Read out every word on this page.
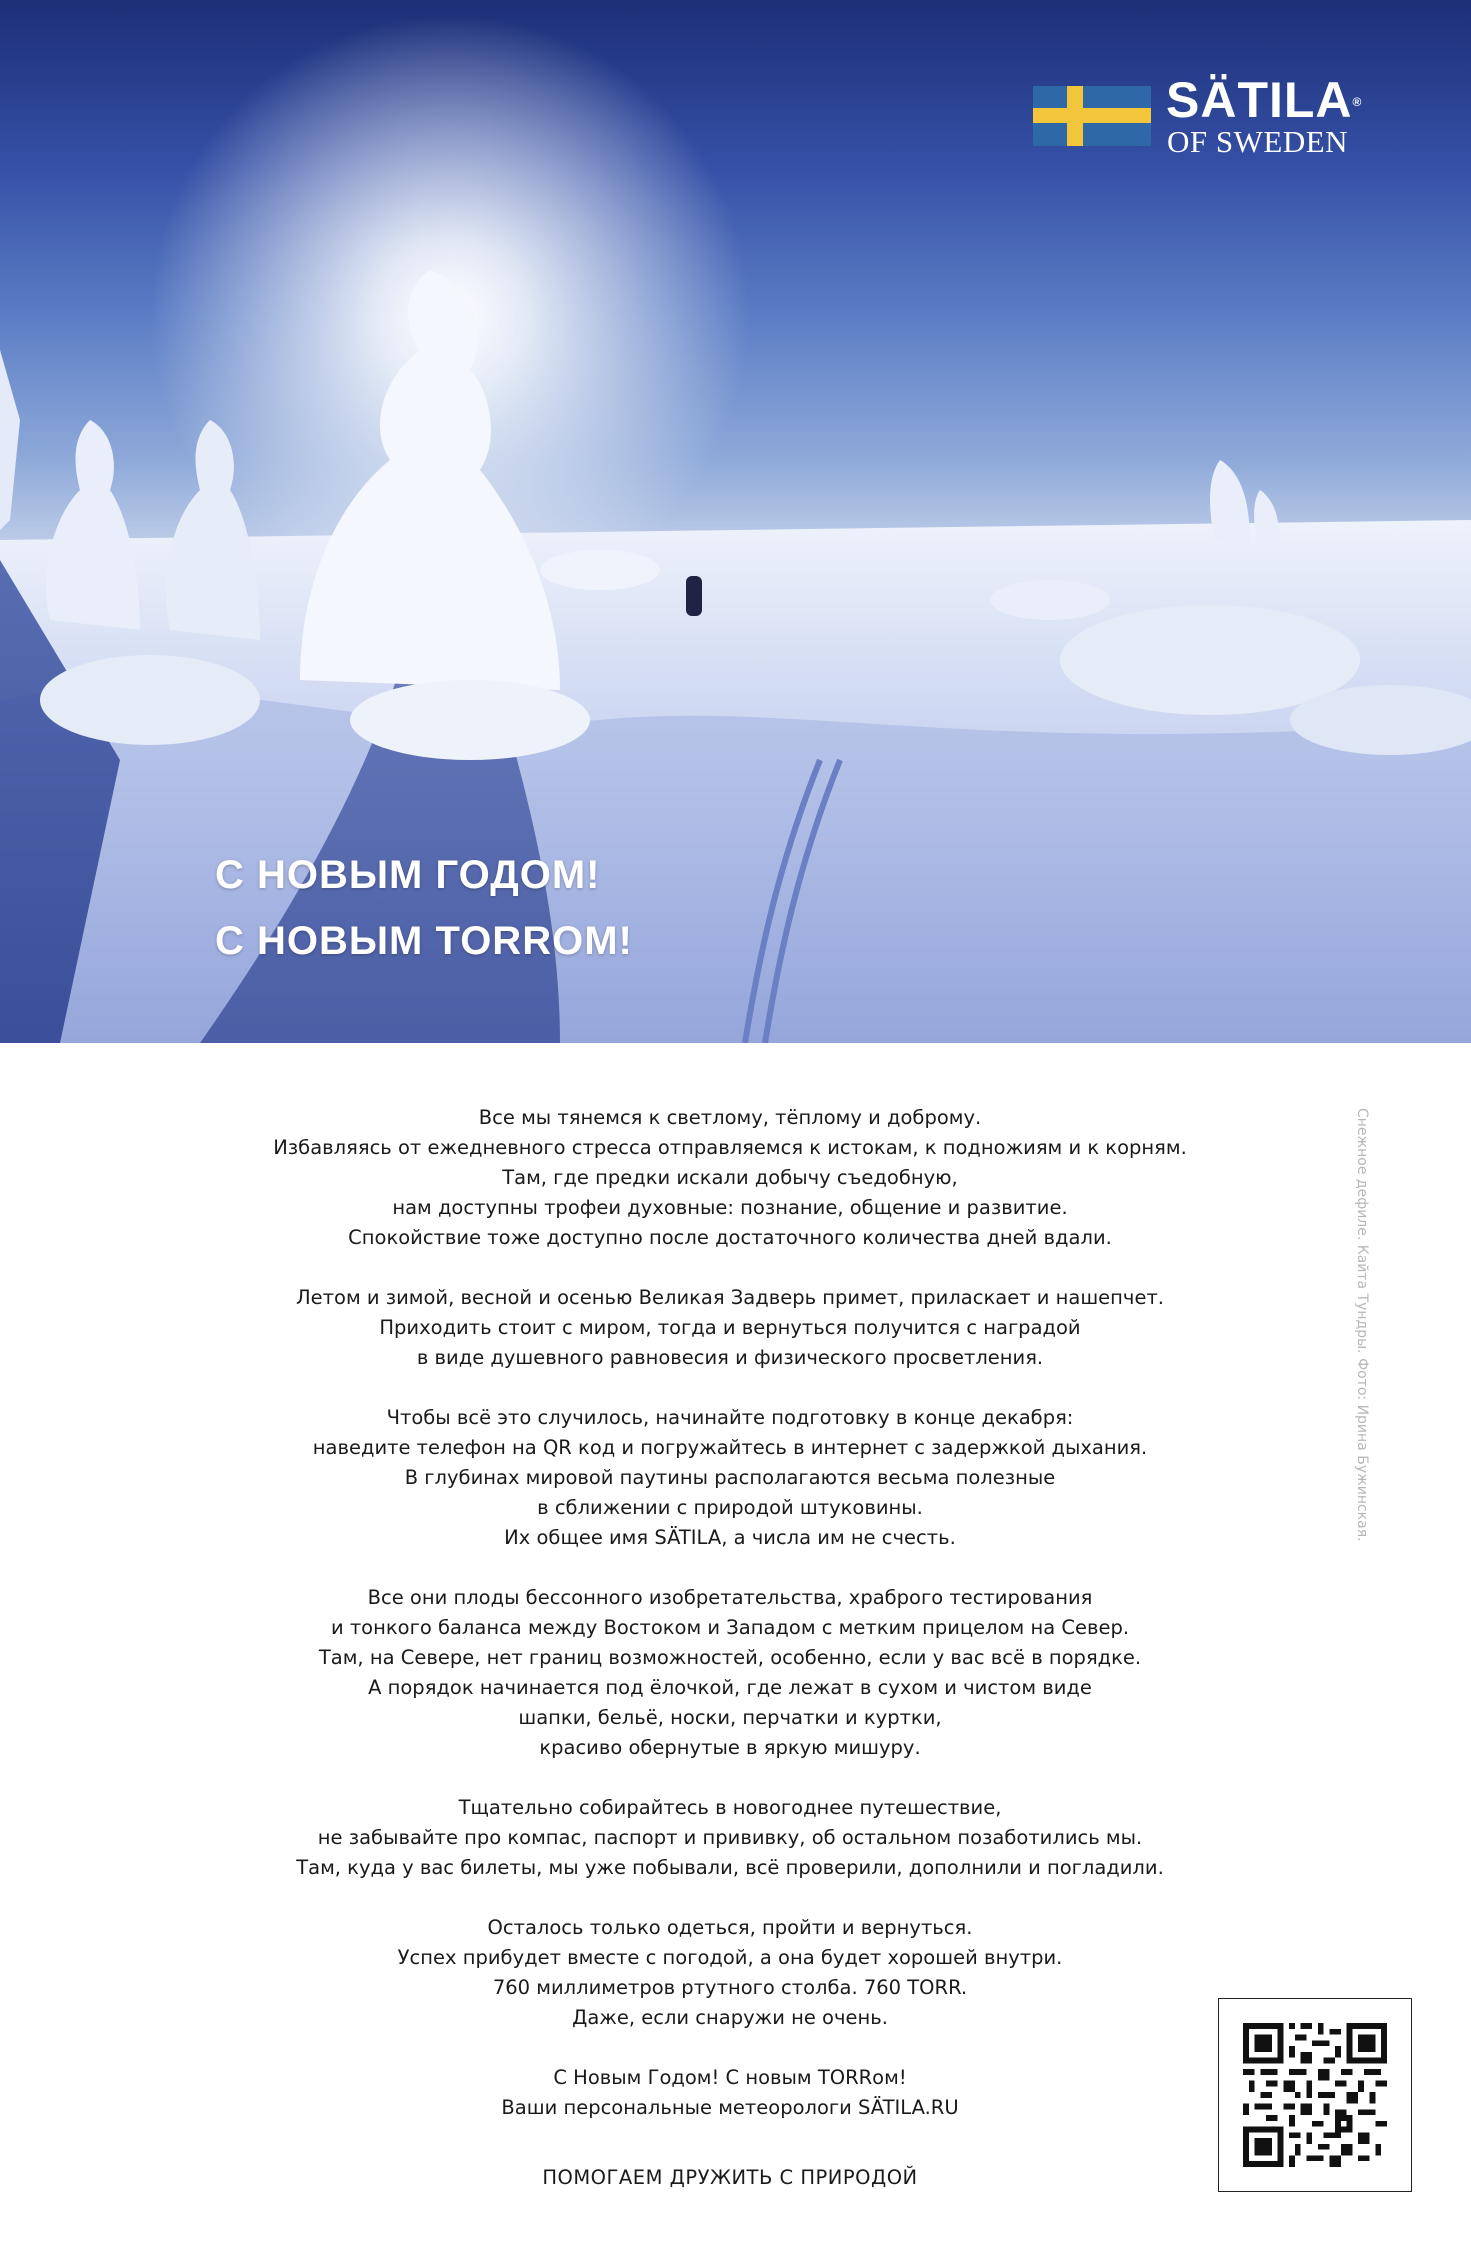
SÄTILA®
OF SWEDEN
С НОВЫМ ГОДОМ!
С НОВЫМ TORROM!
Все мы тянемся к светлому, тёплому и доброму.
Избавляясь от ежедневного стресса отправляемся к истокам, к подножиям и к корням.
Там, где предки искали добычу съедобную,
нам доступны трофеи духовные: познание, общение и развитие.
Спокойствие тоже доступно после достаточного количества дней вдали.
Летом и зимой, весной и осенью Великая Задверь примет, приласкает и нашепчет.
Приходить стоит с миром, тогда и вернуться получится с наградой
в виде душевного равновесия и физического просветления.
Чтобы всё это случилось, начинайте подготовку в конце декабря:
наведите телефон на QR код и погружайтесь в интернет с задержкой дыхания.
В глубинах мировой паутины располагаются весьма полезные
в сближении с природой штуковины.
Их общее имя SÄTILA, а числа им не счесть.
Все они плоды бессонного изобретательства, храброго тестирования
и тонкого баланса между Востоком и Западом с метким прицелом на Север.
Там, на Севере, нет границ возможностей, особенно, если у вас всё в порядке.
А порядок начинается под ёлочкой, где лежат в сухом и чистом виде
шапки, бельё, носки, перчатки и куртки,
красиво обернутые в яркую мишуру.
Тщательно собирайтесь в новогоднее путешествие,
не забывайте про компас, паспорт и прививку, об остальном позаботились мы.
Там, куда у вас билеты, мы уже побывали, всё проверили, дополнили и погладили.
Осталось только одеться, пройти и вернуться.
Успех прибудет вместе с погодой, а она будет хорошей внутри.
760 миллиметров ртутного столба. 760 TORR.
Даже, если снаружи не очень.
С Новым Годом! С новым TORRом!
Ваши персональные метеорологи SÄTILA.RU
ПОМОГАЕМ ДРУЖИТЬ С ПРИРОДОЙ
Снежное дефиле. Кайта Тундры. Фото: Ирина Бужинская.
